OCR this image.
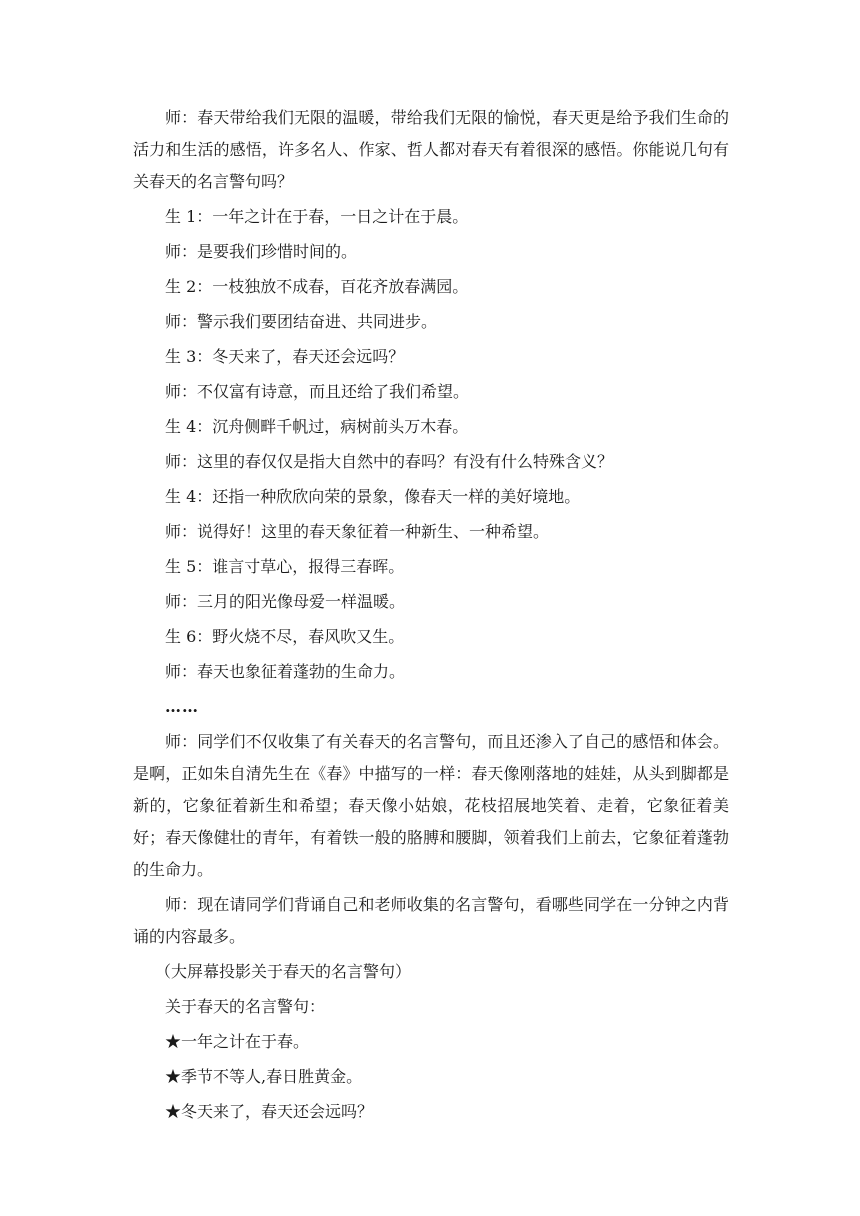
师：春天带给我们无限的温暖，带给我们无限的愉悦，春天更是给予我们生命的活力和生活的感悟，许多名人、作家、哲人都对春天有着很深的感悟。你能说几句有关春天的名言警句吗？

生 1：一年之计在于春，一日之计在于晨。

师：是要我们珍惜时间的。

生 2：一枝独放不成春，百花齐放春满园。

师：警示我们要团结奋进、共同进步。

生 3：冬天来了，春天还会远吗？

师：不仅富有诗意，而且还给了我们希望。

生 4：沉舟侧畔千帆过，病树前头万木春。

师：这里的春仅仅是指大自然中的春吗？有没有什么特殊含义？

生 4：还指一种欣欣向荣的景象，像春天一样的美好境地。

师：说得好！这里的春天象征着一种新生、一种希望。

生 5：谁言寸草心，报得三春晖。

师：三月的阳光像母爱一样温暖。

生 6：野火烧不尽，春风吹又生。

师：春天也象征着蓬勃的生命力。

……

师：同学们不仅收集了有关春天的名言警句，而且还渗入了自己的感悟和体会。是啊，正如朱自清先生在《春》中描写的一样：春天像刚落地的娃娃，从头到脚都是新的，它象征着新生和希望；春天像小姑娘，花枝招展地笑着、走着，它象征着美好；春天像健壮的青年，有着铁一般的胳膊和腰脚，领着我们上前去，它象征着蓬勃的生命力。

师：现在请同学们背诵自己和老师收集的名言警句，看哪些同学在一分钟之内背诵的内容最多。

（大屏幕投影关于春天的名言警句）

关于春天的名言警句：

★一年之计在于春。

★季节不等人,春日胜黄金。

★冬天来了，春天还会远吗？
